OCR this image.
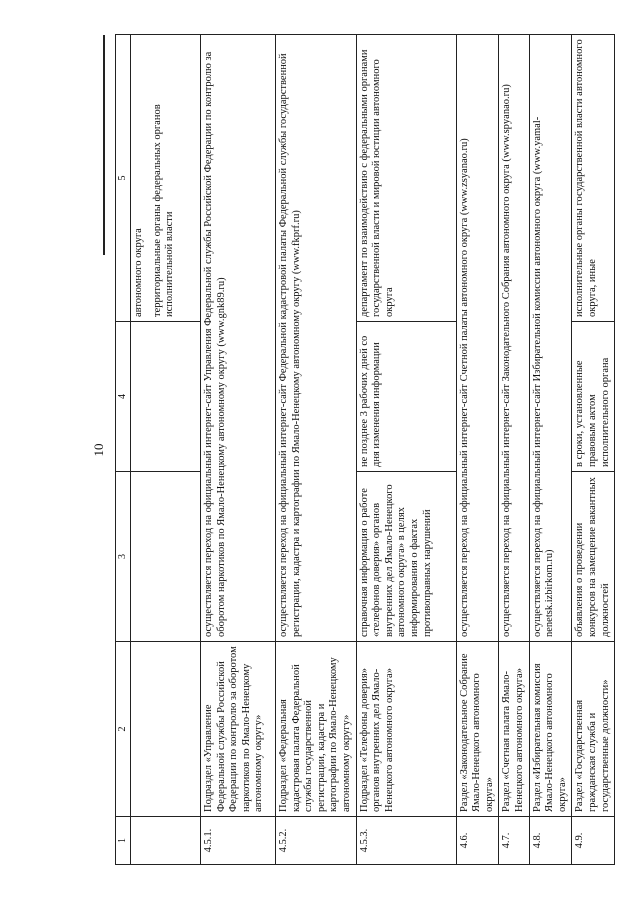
10
1	2	3	4	5

				автономного округа территориальные органы федеральных органов исполнительной власти

4.5.1.	Подраздел «Управление Федеральной службы Российской Федерации по контролю за оборотом наркотиков по Ямало-Ненецкому автономному округу»	осуществляется переход на официальный интернет-сайт Управления Федеральной службы Российской Федерации по контролю за оборотом наркотиков по Ямало-Ненецкому автономному округу (www.gnk89.ru)		
4.5.2.	Подраздел «Федеральная кадастровая палата Федеральной службы государственной регистрации, кадастра и картографии по Ямало-Ненецкому автономному округу»	осуществляется переход на официальный интернет-сайт Федеральной кадастровой палаты Федеральной службы государственной регистрации, кадастра и картографии по Ямало-Ненецкому автономному округу (www.fkprf.ru)		
4.5.3.	Подраздел «Телефоны доверия» органов внутренних дел Ямало-Ненецкого автономного округа»	справочная информация о работе «телефонов доверия» органов внутренних дел Ямало-Ненецкого автономного округа» в целях информирования о фактах противоправных нарушений	не позднее 3 рабочих дней со дня изменения информации	департамент по взаимодействию с федеральными органами государственной власти и мировой юстиции автономного округа
4.6.	Раздел «Законодательное Собрание Ямало-Ненецкого автономного округа»	осуществляется переход на официальный интернет-сайт Счетной палаты автономного округа (www.zsyanao.ru)		
4.7.	Раздел «Счетная палата Ямало-Ненецкого автономного округа»	осуществляется переход на официальный интернет-сайт Законодательного Собрания автономного округа (www.spyanao.ru)		
4.8.	Раздел «Избирательная комиссия Ямало-Ненецкого автономного округа»	осуществляется переход на официальный интернет-сайт Избирательной комиссии автономного округа (www.yamal-nenetsk.izbirkom.ru)		
4.9.	Раздел «Государственная гражданская служба и государственные должности»	объявления о проведении конкурсов на замещение вакантных должностей	в сроки, установленные правовым актом исполнительного органа	исполнительные органы государственной власти автономного округа, иные
